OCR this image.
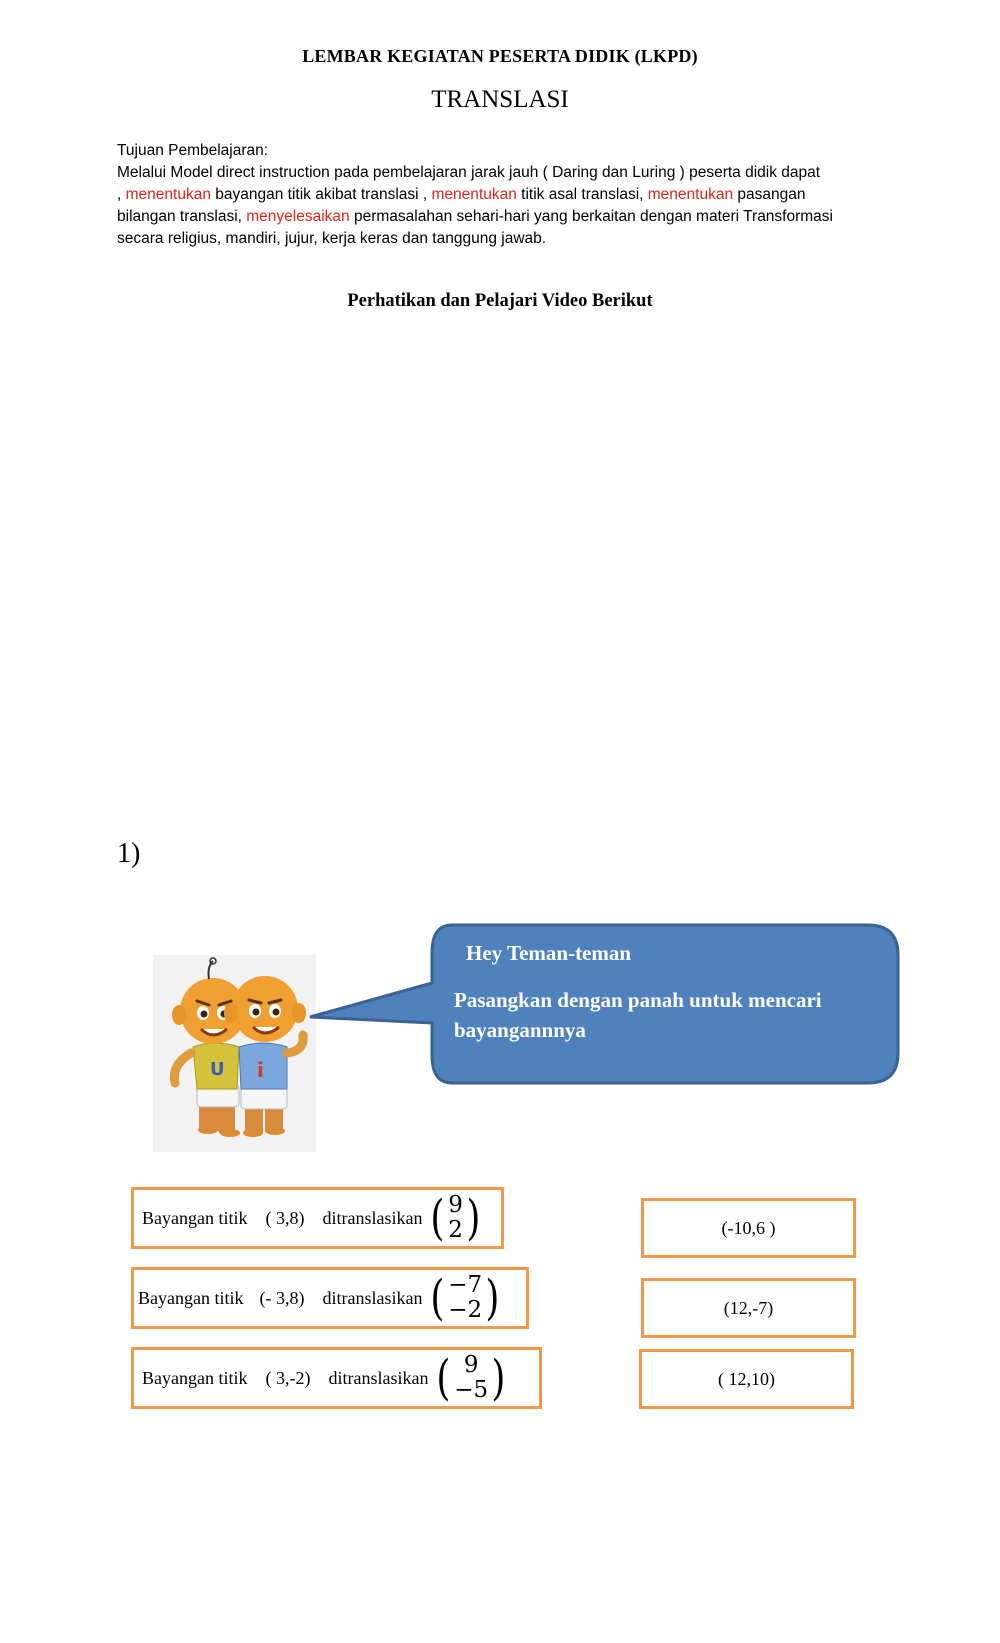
LEMBAR KEGIATAN PESERTA DIDIK (LKPD)
TRANSLASI
Tujuan Pembelajaran:
Melalui Model direct instruction pada pembelajaran jarak jauh ( Daring dan Luring ) peserta didik dapat
, menentukan bayangan titik akibat translasi , menentukan titik asal translasi, menentukan pasangan
bilangan translasi, menyelesaikan permasalahan sehari-hari yang berkaitan dengan materi Transformasi
secara religius, mandiri, jujur, kerja keras dan tanggung jawab.
Perhatikan dan Pelajari Video Berikut
1)
U i
Hey Teman-teman
Pasangkan dengan panah untuk mencari bayangannnya
Bayangan titik ( 3,8) ditranslasikan ( 9
2 )
Bayangan titik (- 3,8) ditranslasikan ( −7
−2 )
Bayangan titik ( 3,-2) ditranslasikan ( 9
−5 )
(-10,6 )
(12,-7)
( 12,10)
